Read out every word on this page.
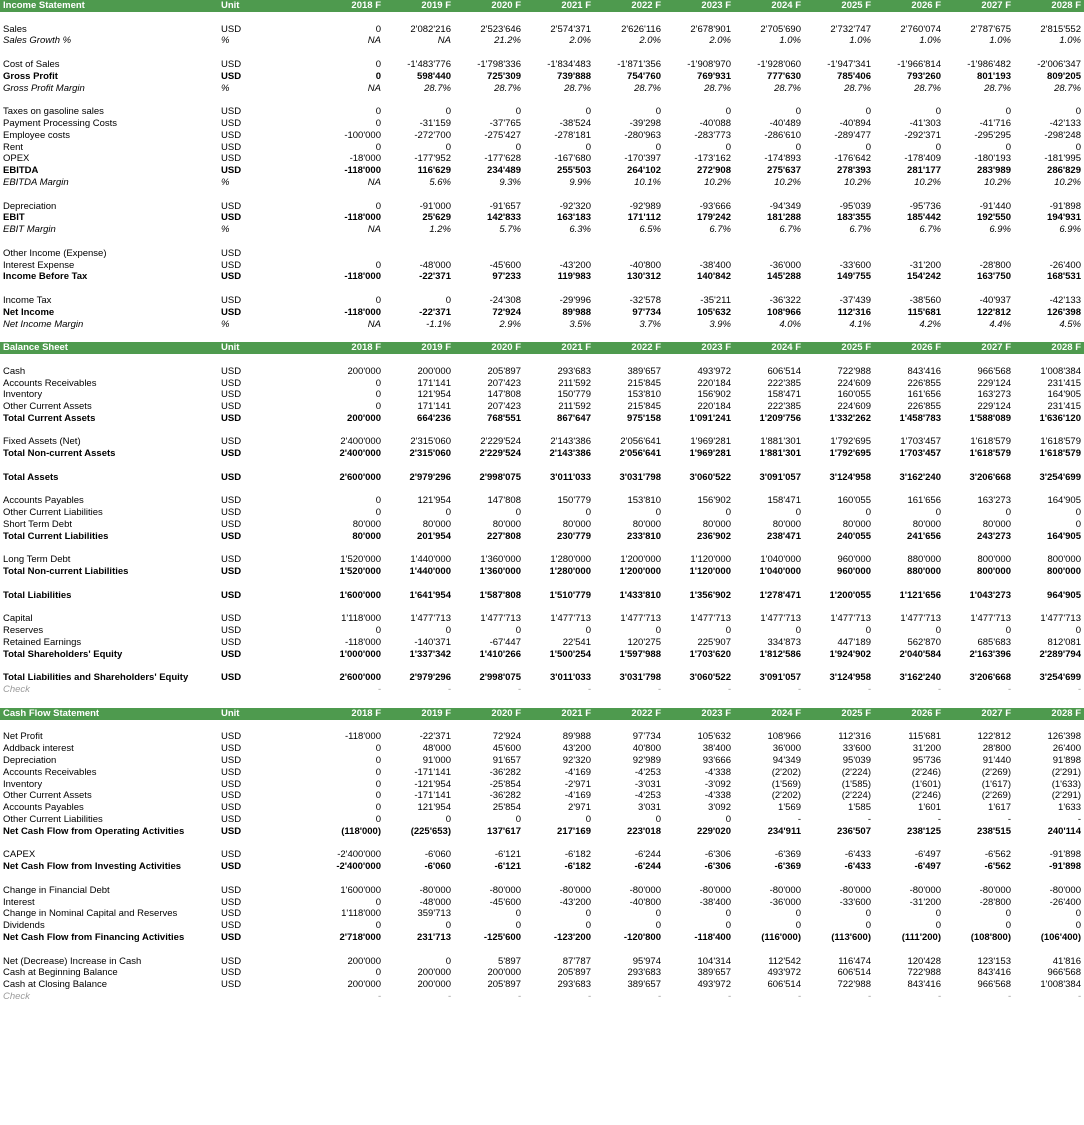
Income Statement	Unit	2018 F	2019 F	2020 F	2021 F	2022 F	2023 F	2024 F	2025 F	2026 F	2027 F	2028 F

Sales	USD	0	2'082'216	2'523'646	2'574'371	2'626'116	2'678'901	2'705'690	2'732'747	2'760'074	2'787'675	2'815'552
Sales Growth %	%	NA	NA	21.2%	2.0%	2.0%	2.0%	1.0%	1.0%	1.0%	1.0%	1.0%

Cost of Sales	USD	0	-1'483'776	-1'798'336	-1'834'483	-1'871'356	-1'908'970	-1'928'060	-1'947'341	-1'966'814	-1'986'482	-2'006'347
Gross Profit	USD	0	598'440	725'309	739'888	754'760	769'931	777'630	785'406	793'260	801'193	809'205
Gross Profit Margin	%	NA	28.7%	28.7%	28.7%	28.7%	28.7%	28.7%	28.7%	28.7%	28.7%	28.7%

Taxes on gasoline sales	USD	0	0	0	0	0	0	0	0	0	0	0
Payment Processing Costs	USD	0	-31'159	-37'765	-38'524	-39'298	-40'088	-40'489	-40'894	-41'303	-41'716	-42'133
Employee costs	USD	-100'000	-272'700	-275'427	-278'181	-280'963	-283'773	-286'610	-289'477	-292'371	-295'295	-298'248
Rent	USD	0	0	0	0	0	0	0	0	0	0	0
OPEX	USD	-18'000	-177'952	-177'628	-167'680	-170'397	-173'162	-174'893	-176'642	-178'409	-180'193	-181'995
EBITDA	USD	-118'000	116'629	234'489	255'503	264'102	272'908	275'637	278'393	281'177	283'989	286'829
EBITDA Margin	%	NA	5.6%	9.3%	9.9%	10.1%	10.2%	10.2%	10.2%	10.2%	10.2%	10.2%

Depreciation	USD	0	-91'000	-91'657	-92'320	-92'989	-93'666	-94'349	-95'039	-95'736	-91'440	-91'898
EBIT	USD	-118'000	25'629	142'833	163'183	171'112	179'242	181'288	183'355	185'442	192'550	194'931
EBIT Margin	%	NA	1.2%	5.7%	6.3%	6.5%	6.7%	6.7%	6.7%	6.7%	6.9%	6.9%

Other Income (Expense)	USD											
Interest Expense	USD	0	-48'000	-45'600	-43'200	-40'800	-38'400	-36'000	-33'600	-31'200	-28'800	-26'400
Income Before Tax	USD	-118'000	-22'371	97'233	119'983	130'312	140'842	145'288	149'755	154'242	163'750	168'531

Income Tax	USD	0	0	-24'308	-29'996	-32'578	-35'211	-36'322	-37'439	-38'560	-40'937	-42'133
Net Income	USD	-118'000	-22'371	72'924	89'988	97'734	105'632	108'966	112'316	115'681	122'812	126'398
Net Income Margin	%	NA	-1.1%	2.9%	3.5%	3.7%	3.9%	4.0%	4.1%	4.2%	4.4%	4.5%

Balance Sheet	Unit	2018 F	2019 F	2020 F	2021 F	2022 F	2023 F	2024 F	2025 F	2026 F	2027 F	2028 F

Cash	USD	200'000	200'000	205'897	293'683	389'657	493'972	606'514	722'988	843'416	966'568	1'008'384
Accounts Receivables	USD	0	171'141	207'423	211'592	215'845	220'184	222'385	224'609	226'855	229'124	231'415
Inventory	USD	0	121'954	147'808	150'779	153'810	156'902	158'471	160'055	161'656	163'273	164'905
Other Current Assets	USD	0	171'141	207'423	211'592	215'845	220'184	222'385	224'609	226'855	229'124	231'415
Total Current Assets	USD	200'000	664'236	768'551	867'647	975'158	1'091'241	1'209'756	1'332'262	1'458'783	1'588'089	1'636'120

Fixed Assets (Net)	USD	2'400'000	2'315'060	2'229'524	2'143'386	2'056'641	1'969'281	1'881'301	1'792'695	1'703'457	1'618'579	1'618'579
Total Non-current Assets	USD	2'400'000	2'315'060	2'229'524	2'143'386	2'056'641	1'969'281	1'881'301	1'792'695	1'703'457	1'618'579	1'618'579

Total Assets	USD	2'600'000	2'979'296	2'998'075	3'011'033	3'031'798	3'060'522	3'091'057	3'124'958	3'162'240	3'206'668	3'254'699

Accounts Payables	USD	0	121'954	147'808	150'779	153'810	156'902	158'471	160'055	161'656	163'273	164'905
Other Current Liabilities	USD	0	0	0	0	0	0	0	0	0	0	0
Short Term Debt	USD	80'000	80'000	80'000	80'000	80'000	80'000	80'000	80'000	80'000	80'000	0
Total Current Liabilities	USD	80'000	201'954	227'808	230'779	233'810	236'902	238'471	240'055	241'656	243'273	164'905

Long Term Debt	USD	1'520'000	1'440'000	1'360'000	1'280'000	1'200'000	1'120'000	1'040'000	960'000	880'000	800'000	800'000
Total Non-current Liabilities	USD	1'520'000	1'440'000	1'360'000	1'280'000	1'200'000	1'120'000	1'040'000	960'000	880'000	800'000	800'000

Total Liabilities	USD	1'600'000	1'641'954	1'587'808	1'510'779	1'433'810	1'356'902	1'278'471	1'200'055	1'121'656	1'043'273	964'905

Capital	USD	1'118'000	1'477'713	1'477'713	1'477'713	1'477'713	1'477'713	1'477'713	1'477'713	1'477'713	1'477'713	1'477'713
Reserves	USD	0	0	0	0	0	0	0	0	0	0	0
Retained Earnings	USD	-118'000	-140'371	-67'447	22'541	120'275	225'907	334'873	447'189	562'870	685'683	812'081
Total Shareholders' Equity	USD	1'000'000	1'337'342	1'410'266	1'500'254	1'597'988	1'703'620	1'812'586	1'924'902	2'040'584	2'163'396	2'289'794

Total Liabilities and Shareholders' Equity	USD	2'600'000	2'979'296	2'998'075	3'011'033	3'031'798	3'060'522	3'091'057	3'124'958	3'162'240	3'206'668	3'254'699
Check		-	-	-	-	-	-	-	-	-	-	-

Cash Flow Statement	Unit	2018 F	2019 F	2020 F	2021 F	2022 F	2023 F	2024 F	2025 F	2026 F	2027 F	2028 F

Net Profit	USD	-118'000	-22'371	72'924	89'988	97'734	105'632	108'966	112'316	115'681	122'812	126'398
Addback interest	USD	0	48'000	45'600	43'200	40'800	38'400	36'000	33'600	31'200	28'800	26'400
Depreciation	USD	0	91'000	91'657	92'320	92'989	93'666	94'349	95'039	95'736	91'440	91'898
Accounts Receivables	USD	0	-171'141	-36'282	-4'169	-4'253	-4'338	(2'202)	(2'224)	(2'246)	(2'269)	(2'291)
Inventory	USD	0	-121'954	-25'854	-2'971	-3'031	-3'092	(1'569)	(1'585)	(1'601)	(1'617)	(1'633)
Other Current Assets	USD	0	-171'141	-36'282	-4'169	-4'253	-4'338	(2'202)	(2'224)	(2'246)	(2'269)	(2'291)
Accounts Payables	USD	0	121'954	25'854	2'971	3'031	3'092	1'569	1'585	1'601	1'617	1'633
Other Current Liabilities	USD	0	0	0	0	0	0	-	-	-	-	-
Net Cash Flow from Operating Activities	USD	(118'000)	(225'653)	137'617	217'169	223'018	229'020	234'911	236'507	238'125	238'515	240'114

CAPEX	USD	-2'400'000	-6'060	-6'121	-6'182	-6'244	-6'306	-6'369	-6'433	-6'497	-6'562	-91'898
Net Cash Flow from Investing Activities	USD	-2'400'000	-6'060	-6'121	-6'182	-6'244	-6'306	-6'369	-6'433	-6'497	-6'562	-91'898

Change in Financial Debt	USD	1'600'000	-80'000	-80'000	-80'000	-80'000	-80'000	-80'000	-80'000	-80'000	-80'000	-80'000
Interest	USD	0	-48'000	-45'600	-43'200	-40'800	-38'400	-36'000	-33'600	-31'200	-28'800	-26'400
Change in Nominal Capital and Reserves	USD	1'118'000	359'713	0	0	0	0	0	0	0	0	0
Dividends	USD	0	0	0	0	0	0	0	0	0	0	0
Net Cash Flow from Financing Activities	USD	2'718'000	231'713	-125'600	-123'200	-120'800	-118'400	(116'000)	(113'600)	(111'200)	(108'800)	(106'400)

Net (Decrease) Increase in Cash	USD	200'000	0	5'897	87'787	95'974	104'314	112'542	116'474	120'428	123'153	41'816
Cash at Beginning Balance	USD	0	200'000	200'000	205'897	293'683	389'657	493'972	606'514	722'988	843'416	966'568
Cash at Closing Balance	USD	200'000	200'000	205'897	293'683	389'657	493'972	606'514	722'988	843'416	966'568	1'008'384
Check		-	-	-	-	-	-	-	-	-	-	-
